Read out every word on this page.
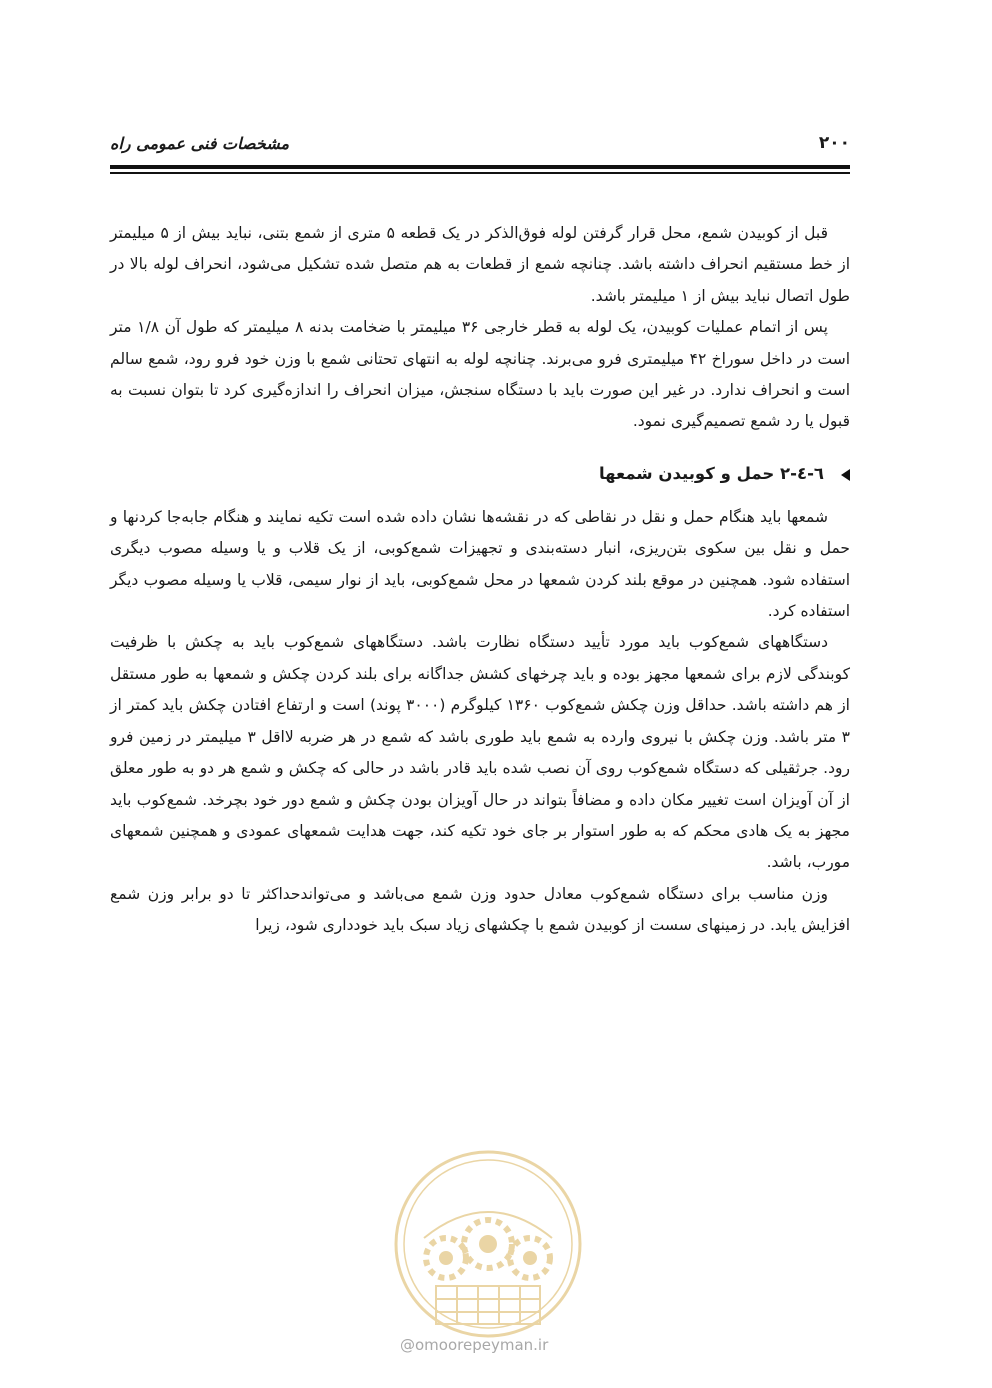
۲۰۰
مشخصات فنی عمومی راه

قبل از کوبیدن شمع، محل قرار گرفتن لوله فوق‌الذکر در یک قطعه ۵ متری از شمع بتنی، نباید بیش از ۵ میلیمتر از خط مستقیم انحراف داشته باشد. چنانچه شمع از قطعات به هم متصل شده تشکیل می‌شود، انحراف لوله بالا در طول اتصال نباید بیش از ۱ میلیمتر باشد.

پس از اتمام عملیات کوبیدن، یک لوله به قطر خارجی ۳۶ میلیمتر با ضخامت بدنه ۸ میلیمتر که طول آن ۱/۸ متر است در داخل سوراخ ۴۲ میلیمتری فرو می‌برند. چنانچه لوله به انتهای تحتانی شمع با وزن خود فرو رود، شمع سالم است و انحراف ندارد. در غیر این صورت باید با دستگاه سنجش، میزان انحراف را اندازه‌گیری کرد تا بتوان نسبت به قبول یا رد شمع تصمیم‌گیری نمود.

٦-٤-٢ حمل و کوبیدن شمعها

شمعها باید هنگام حمل و نقل در نقاطی که در نقشه‌ها نشان داده شده است تکیه نمایند و هنگام جابه‌جا کردنها و حمل و نقل بین سکوی بتن‌ریزی، انبار دسته‌بندی و تجهیزات شمع‌کوبی، از یک قلاب و یا وسیله مصوب دیگری استفاده شود. همچنین در موقع بلند کردن شمعها در محل شمع‌کوبی، باید از نوار سیمی، قلاب یا وسیله مصوب دیگر استفاده کرد.

دستگاههای شمع‌کوب باید مورد تأیید دستگاه نظارت باشد. دستگاههای شمع‌کوب باید به چکش با ظرفیت کوبندگی لازم برای شمعها مجهز بوده و باید چرخهای کشش جداگانه برای بلند کردن چکش و شمعها به طور مستقل از هم داشته باشد. حداقل وزن چکش شمع‌کوب ۱۳۶۰ کیلوگرم (۳۰۰۰ پوند) است و ارتفاع افتادن چکش باید کمتر از ۳ متر باشد. وزن چکش با نیروی وارده به شمع باید طوری باشد که شمع در هر ضربه لااقل ۳ میلیمتر در زمین فرو رود. جرثقیلی که دستگاه شمع‌کوب روی آن نصب شده باید قادر باشد در حالی که چکش و شمع هر دو به طور معلق از آن آویزان است تغییر مکان داده و مضافاً بتواند در حال آویزان بودن چکش و شمع دور خود بچرخد. شمع‌کوب باید مجهز به یک هادی محکم که به طور استوار بر جای خود تکیه کند، جهت هدایت شمعهای عمودی و همچنین شمعهای مورب، باشد.

وزن مناسب برای دستگاه شمع‌کوب معادل حدود وزن شمع می‌باشد و می‌تواندحداکثر تا دو برابر وزن شمع افزایش یابد. در زمینهای سست از کوبیدن شمع با چکشهای زیاد سبک باید خودداری شود، زیرا

@omoorepeyman.ir
